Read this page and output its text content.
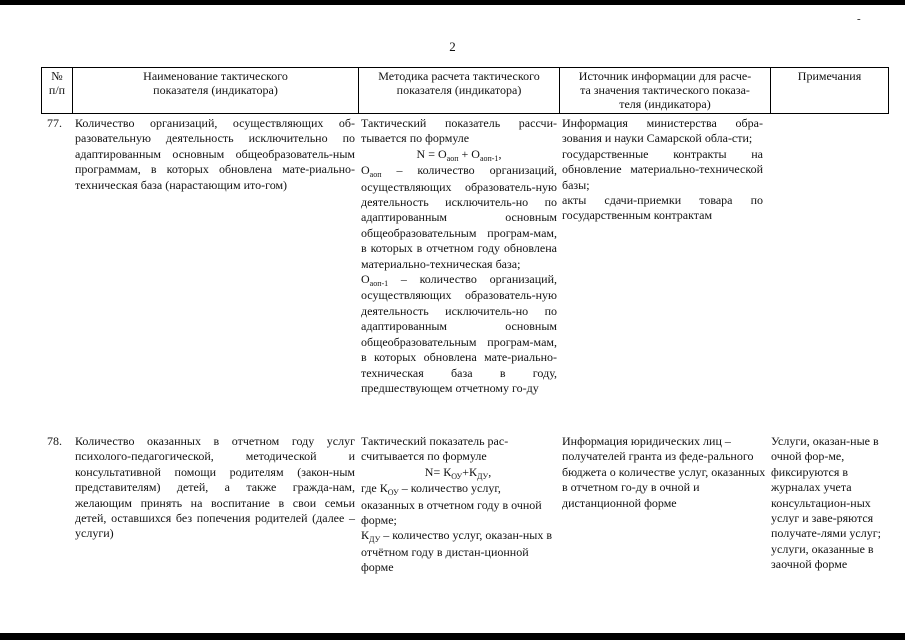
-
2
№
п/п
Наименование тактического
показателя (индикатора)
Методика расчета тактического
показателя (индикатора)
Источник информации для расче-
та значения тактического показа-
теля (индикатора)
Примечания
77.	Количество организаций, осуществляющих об-разовательную деятельность исключительно по адаптированным основным общеобразователь-ным программам, в которых обновлена мате-риально-техническая база (нарастающим ито-гом)

Тактический показатель рассчи-тывается по формуле

$N = О_{аоп} + О_{аоп-1}$,

$О_{аоп}$ – количество организаций, осуществляющих образователь-ную деятельность исключитель-но по адаптированным основным общеобразовательным програм-мам, в которых в отчетном году обновлена материально-техническая база;

$О_{аоп-1}$ – количество организаций, осуществляющих образователь-ную деятельность исключитель-но по адаптированным основным общеобразовательным програм-мам, в которых обновлена мате-риально-техническая база в году, предшествующем отчетному го-ду

Информация министерства обра-зования и науки Самарской обла-сти;

государственные контракты на обновление материально-технической базы;

акты сдачи-приемки товара по государственным контрактам

78.	Количество оказанных в отчетном году услуг психолого-педагогической, методической и консультативной помощи родителям (закон-ным представителям) детей, а также гражда-нам, желающим принять на воспитание в свои семьи детей, оставшихся без попечения родителей (далее – услуги)

Тактический показатель рас-считывается по формуле

$N= К_{ОУ}+К_{ДУ}$,

где $К_{ОУ}$ – количество услуг, оказанных в отчетном году в очной форме;

$К_{ДУ}$ – количество услуг, оказан-ных в отчётном году в дистан-ционной форме

Информация юридических лиц – получателей гранта из феде-рального бюджета о количестве услуг, оказанных в отчетном го-ду в очной и дистанционной форме

Услуги, оказан-ные в очной фор-ме, фиксируются в журналах учета консультацион-ных услуг и заве-ряются получате-лями услуг;

услуги, оказанные в заочной форме
